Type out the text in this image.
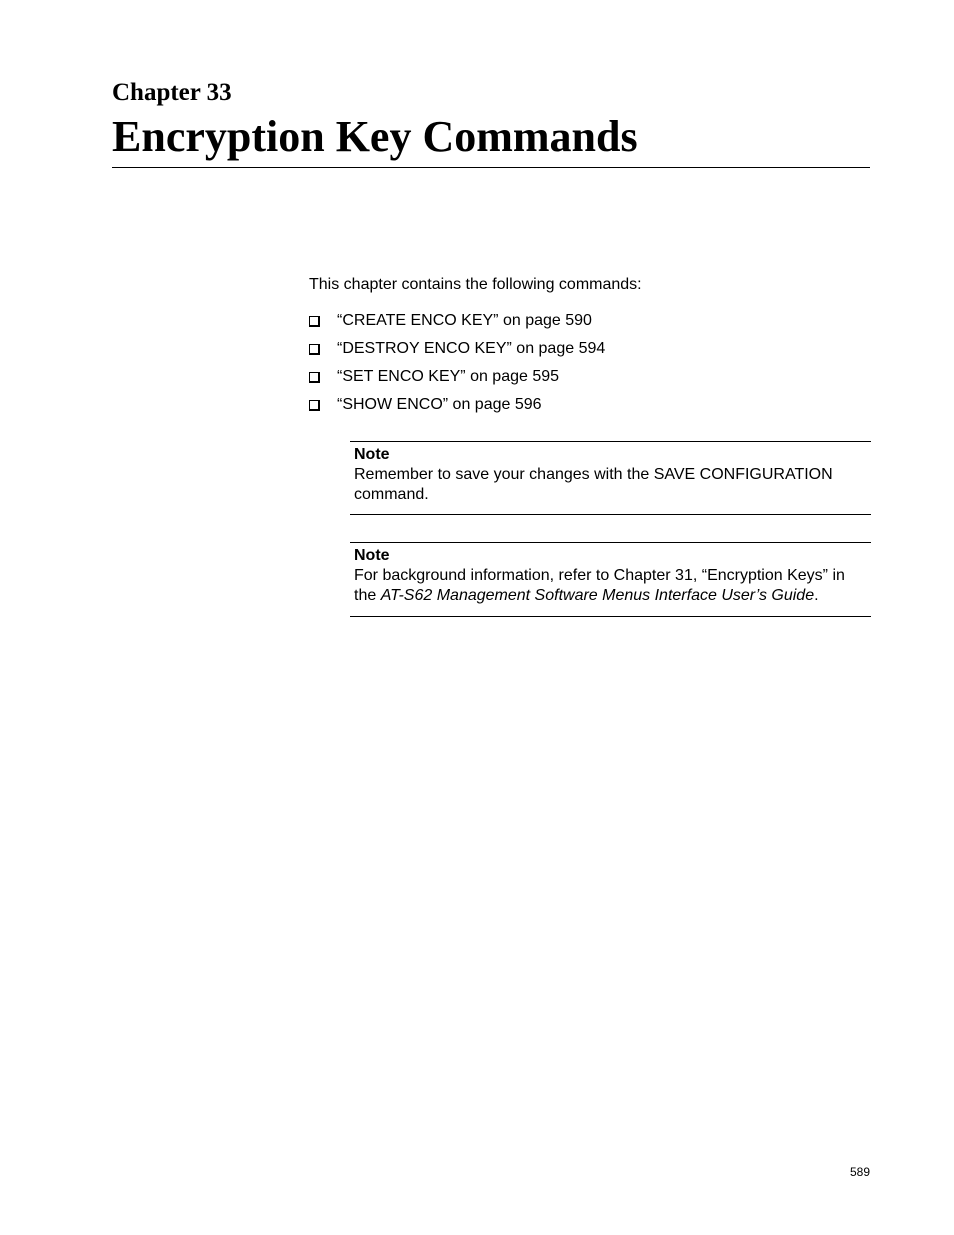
Chapter 33
Encryption Key Commands

This chapter contains the following commands:

“CREATE ENCO KEY” on page 590
“DESTROY ENCO KEY” on page 594
“SET ENCO KEY” on page 595
“SHOW ENCO” on page 596
Note
Remember to save your changes with the SAVE CONFIGURATION command.
Note
For background information, refer to Chapter 31, “Encryption Keys” in the AT-S62 Management Software Menus Interface User’s Guide.
589
